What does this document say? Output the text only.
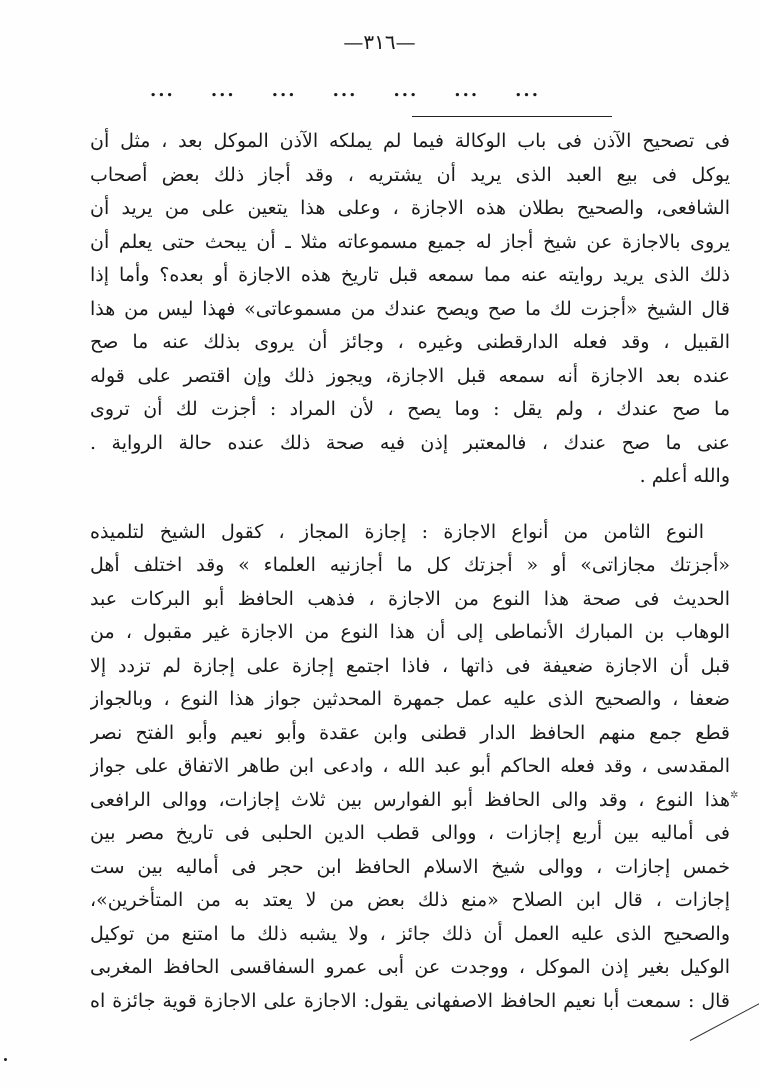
—٣١٦—
... ... ... ... ... ... ...
فى تصحيح الآذن فى باب الوكالة فيما لم يملكه الآذن الموكل بعد ، مثل أن
يوكل فى بيع العبد الذى يريد أن يشتريه ، وقد أجاز ذلك بعض أصحاب
الشافعى، والصحيح بطلان هذه الاجازة ، وعلى هذا يتعين على من يريد أن
يروى بالاجازة عن شيخ أجاز له جميع مسموعاته مثلا ـ أن يبحث حتى يعلم أن
ذلك الذى يريد روايته عنه مما سمعه قبل تاريخ هذه الاجازة أو بعده؟ وأما إذا
قال الشيخ «أجزت لك ما صح ويصح عندك من مسموعاتى» فهذا ليس من هذا
القبيل ، وقد فعله الدارقطنى وغيره ، وجائز أن يروى بذلك عنه ما صح
عنده بعد الاجازة أنه سمعه قبل الاجازة، ويجوز ذلك وإن اقتصر على قوله
ما صح عندك ، ولم يقل : وما يصح ، لأن المراد : أجزت لك أن تروى
عنى ما صح عندك ، فالمعتبر إذن فيه صحة ذلك عنده حالة الرواية .
والله أعلم .
النوع الثامن من أنواع الاجازة : إجازة المجاز ، كقول الشيخ لتلميذه
«أجزتك مجازاتى» أو « أجزتك كل ما أجازنيه العلماء » وقد اختلف أهل
الحديث فى صحة هذا النوع من الاجازة ، فذهب الحافظ أبو البركات عبد
الوهاب بن المبارك الأنماطى إلى أن هذا النوع من الاجازة غير مقبول ، من
قبل أن الاجازة ضعيفة فى ذاتها ، فاذا اجتمع إجازة على إجازة لم تزدد إلا
ضعفا ، والصحيح الذى عليه عمل جمهرة المحدثين جواز هذا النوع ، وبالجواز
قطع جمع منهم الحافظ الدار قطنى وابن عقدة وأبو نعيم وأبو الفتح نصر
المقدسى ، وقد فعله الحاكم أبو عبد الله ، وادعى ابن طاهر الاتفاق على جواز
هذا النوع ، وقد والى الحافظ أبو الفوارس بين ثلاث إجازات، ووالى الرافعى
فى أماليه بين أربع إجازات ، ووالى قطب الدين الحلبى فى تاريخ مصر بين
خمس إجازات ، ووالى شيخ الاسلام الحافظ ابن حجر فى أماليه بين ست
إجازات ، قال ابن الصلاح «منع ذلك بعض من لا يعتد به من المتأخرين»،
والصحيح الذى عليه العمل أن ذلك جائز ، ولا يشبه ذلك ما امتنع من توكيل
الوكيل بغير إذن الموكل ، ووجدت عن أبى عمرو السفاقسى الحافظ المغربى
قال : سمعت أبا نعيم الحافظ الاصفهانى يقول: الاجازة على الاجازة قوية جائزة اه
✲
